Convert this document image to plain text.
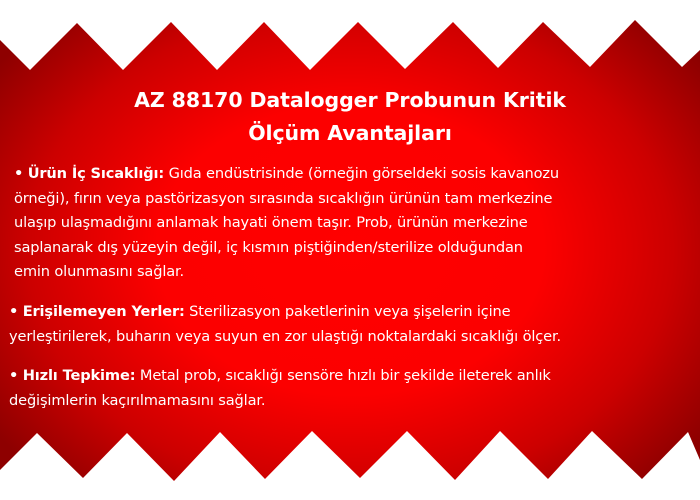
AZ 88170 Datalogger Probunun Kritik
Ölçüm Avantajları
• Ürün İç Sıcaklığı: Gıda endüstrisinde (örneğin görseldeki sosis kavanozu
örneği), fırın veya pastörizasyon sırasında sıcaklığın ürünün tam merkezine
ulaşıp ulaşmadığını anlamak hayati önem taşır. Prob, ürünün merkezine
saplanarak dış yüzeyin değil, iç kısmın piştiğinden/sterilize olduğundan
emin olunmasını sağlar.
• Erişilemeyen Yerler: Sterilizasyon paketlerinin veya şişelerin içine
yerleştirilerek, buharın veya suyun en zor ulaştığı noktalardaki sıcaklığı ölçer.
• Hızlı Tepkime: Metal prob, sıcaklığı sensöre hızlı bir şekilde ileterek anlık
değişimlerin kaçırılmamasını sağlar.
